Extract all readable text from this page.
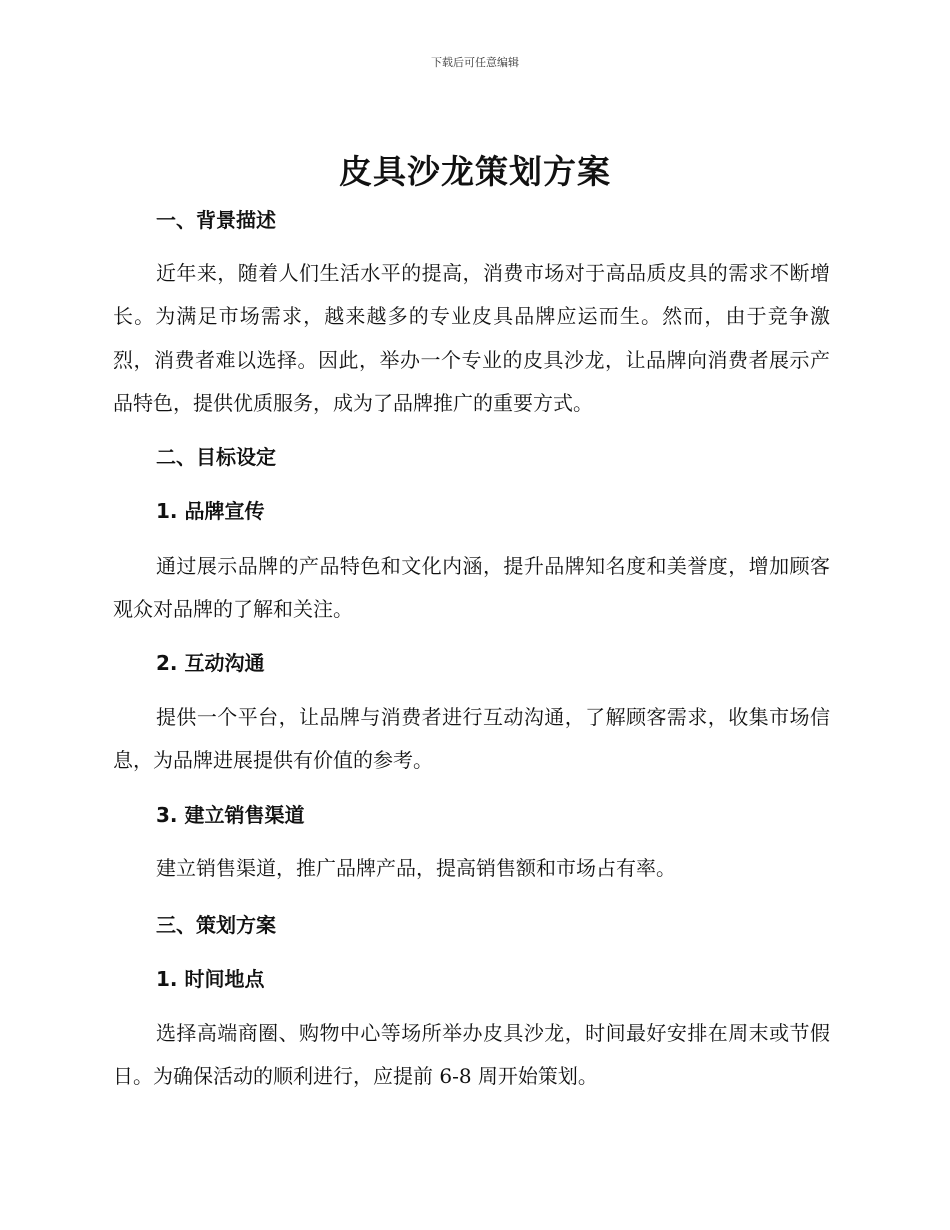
下载后可任意编辑
皮具沙龙策划方案
一、背景描述

近年来，随着人们生活水平的提高，消费市场对于高品质皮具的需求不断增长。为满足市场需求，越来越多的专业皮具品牌应运而生。然而，由于竞争激烈，消费者难以选择。因此，举办一个专业的皮具沙龙，让品牌向消费者展示产品特色，提供优质服务，成为了品牌推广的重要方式。

二、目标设定
1. 品牌宣传

通过展示品牌的产品特色和文化内涵，提升品牌知名度和美誉度，增加顾客观众对品牌的了解和关注。

2. 互动沟通

提供一个平台，让品牌与消费者进行互动沟通，了解顾客需求，收集市场信息，为品牌进展提供有价值的参考。

3. 建立销售渠道

建立销售渠道，推广品牌产品，提高销售额和市场占有率。

三、策划方案
1. 时间地点

选择高端商圈、购物中心等场所举办皮具沙龙，时间最好安排在周末或节假日。为确保活动的顺利进行，应提前 6-8 周开始策划。
